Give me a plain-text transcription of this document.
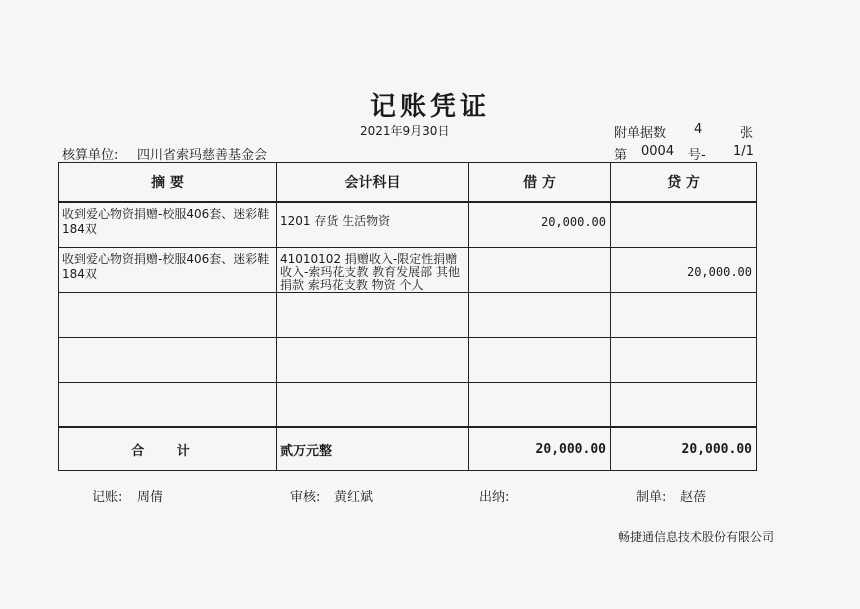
记账凭证
2021年9月30日	附单据数 4	张
核算单位: 四川省索玛慈善基金会	第 0004 号- 1/1
摘 要	会计科目	借 方	贷 方
收到爱心物资捐赠-校服406套、迷彩鞋184双	1201 存货 生活物资	20,000.00	
收到爱心物资捐赠-校服406套、迷彩鞋184双	41010102 捐赠收入-限定性捐赠收入-索玛花支教 教育发展部 其他捐款 索玛花支教 物资 个人		20,000.00

合 计	贰万元整	20,000.00	20,000.00
记账: 周倩	审核: 黄红斌	出纳:	制单: 赵蓓
畅捷通信息技术股份有限公司
